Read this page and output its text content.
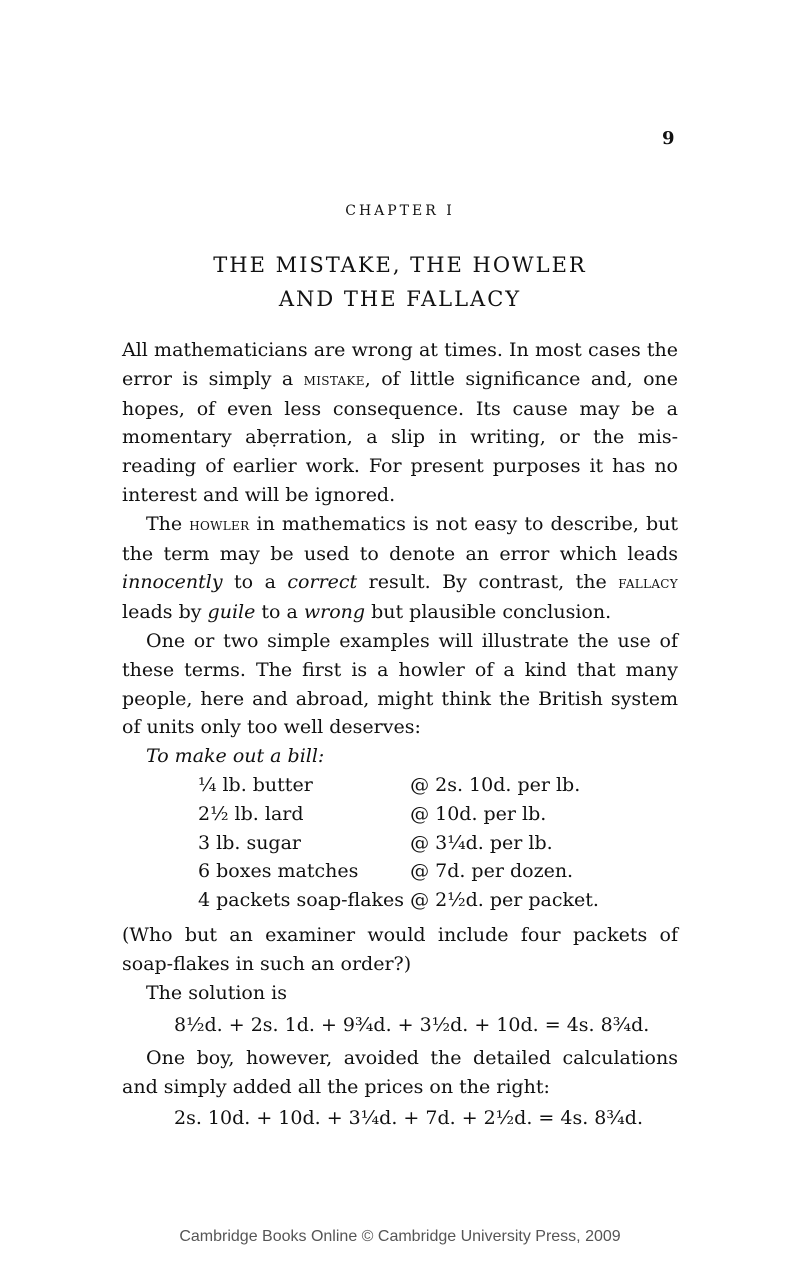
9
CHAPTER I
THE MISTAKE, THE HOWLER
AND THE FALLACY

All mathematicians are wrong at times. In most cases the error is simply a mistake, of little significance and, one hopes, of even less consequence. Its cause may be a momentary abẹrration, a slip in writing, or the mis-reading of earlier work. For present purposes it has no interest and will be ignored.

The howler in mathematics is not easy to describe, but the term may be used to denote an error which leads innocently to a correct result. By contrast, the fallacy leads by guile to a wrong but plausible conclusion.

One or two simple examples will illustrate the use of these terms. The first is a howler of a kind that many people, here and abroad, might think the British system of units only too well deserves:

To make out a bill:

¼ lb. butter	@ 2s. 10d. per lb.
2½ lb. lard	@ 10d. per lb.
3 lb. sugar	@ 3¼d. per lb.
6 boxes matches	@ 7d. per dozen.
4 packets soap-flakes	@ 2½d. per packet.

(Who but an examiner would include four packets of soap-flakes in such an order?)

The solution is

8½d. + 2s. 1d. + 9¾d. + 3½d. + 10d. = 4s. 8¾d.

One boy, however, avoided the detailed calculations and simply added all the prices on the right:

2s. 10d. + 10d. + 3¼d. + 7d. + 2½d. = 4s. 8¾d.

Cambridge Books Online © Cambridge University Press, 2009
